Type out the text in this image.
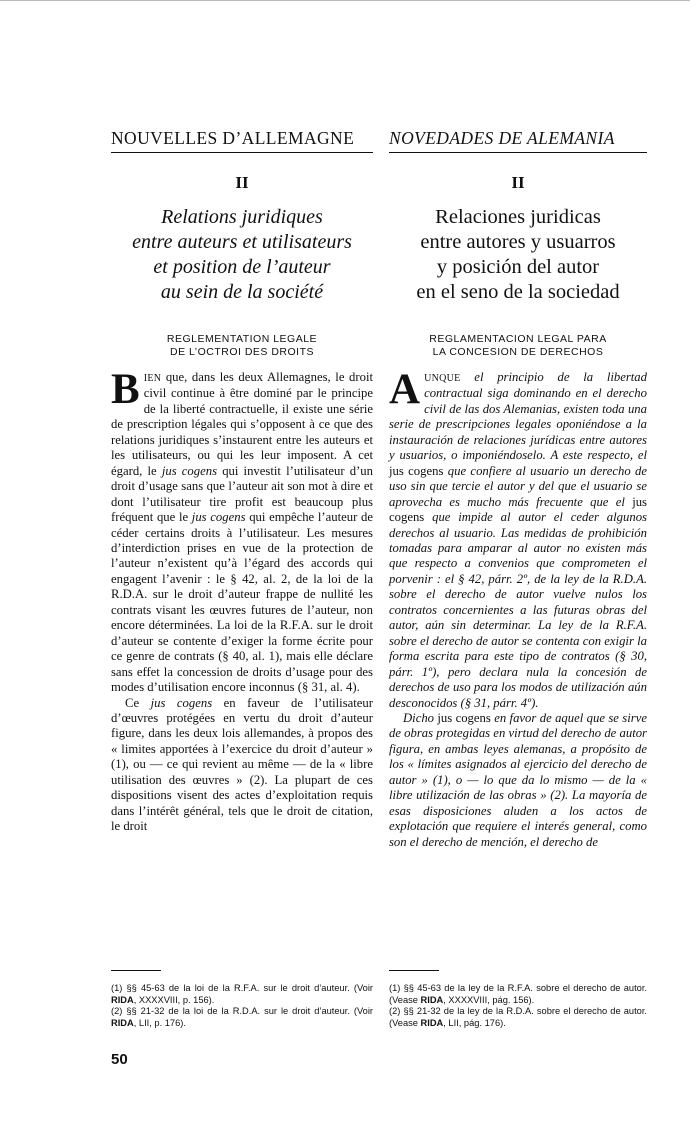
NOUVELLES D’ALLEMAGNE
II
Relations juridiques
entre auteurs et utilisateurs
et position de l’auteur
au sein de la société
REGLEMENTATION LEGALE
DE L’OCTROI DES DROITS

BIEN que, dans les deux Allemagnes, le droit civil continue à être dominé par le principe de la liberté contractuelle, il existe une série de prescription légales qui s’opposent à ce que des relations juridiques s’instaurent entre les auteurs et les utilisateurs, ou qui les leur imposent. A cet égard, le jus cogens qui investit l’utilisateur d’un droit d’usage sans que l’auteur ait son mot à dire et dont l’utilisateur tire profit est beaucoup plus fréquent que le jus cogens qui empêche l’auteur de céder certains droits à l’utilisateur. Les mesures d’interdiction prises en vue de la protection de l’auteur n’existent qu’à l’égard des accords qui engagent l’avenir : le § 42, al. 2, de la loi de la R.D.A. sur le droit d’auteur frappe de nullité les contrats visant les œuvres futures de l’auteur, non encore déterminées. La loi de la R.F.A. sur le droit d’auteur se contente d’exiger la forme écrite pour ce genre de contrats (§ 40, al. 1), mais elle déclare sans effet la concession de droits d’usage pour des modes d’utilisation encore inconnus (§ 31, al. 4).

Ce jus cogens en faveur de l’utilisateur d’œuvres protégées en vertu du droit d’auteur figure, dans les deux lois allemandes, à propos des « limites apportées à l’exercice du droit d’auteur » (1), ou — ce qui revient au même — de la « libre utilisation des œuvres » (2). La plupart de ces dispositions visent des actes d’exploitation requis dans l’intérêt général, tels que le droit de citation, le droit

(1) §§ 45-63 de la loi de la R.F.A. sur le droit d’auteur. (Voir RIDA, XXXXVIII, p. 156).

(2) §§ 21-32 de la loi de la R.D.A. sur le droit d’auteur. (Voir RIDA, LII, p. 176).

NOVEDADES DE ALEMANIA
II
Relaciones juridicas
entre autores y usuarros
y posición del autor
en el seno de la sociedad
REGLAMENTACION LEGAL PARA
LA CONCESION DE DERECHOS

AUNQUE el principio de la libertad contractual siga dominando en el derecho civil de las dos Alemanias, existen toda una serie de prescripciones legales oponiéndose a la instauración de relaciones jurídicas entre autores y usuarios, o imponiéndoselo. A este respecto, el jus cogens que confiere al usuario un derecho de uso sin que tercie el autor y del que el usuario se aprovecha es mucho más frecuente que el jus cogens que impide al autor el ceder algunos derechos al usuario. Las medidas de prohibición tomadas para amparar al autor no existen más que respecto a convenios que comprometen el porvenir : el § 42, párr. 2º, de la ley de la R.D.A. sobre el derecho de autor vuelve nulos los contratos concernientes a las futuras obras del autor, aún sin determinar. La ley de la R.F.A. sobre el derecho de autor se contenta con exigir la forma escrita para este tipo de contratos (§ 30, párr. 1º), pero declara nula la concesión de derechos de uso para los modos de utilización aún desconocidos (§ 31, párr. 4º).

Dicho jus cogens en favor de aquel que se sirve de obras protegidas en virtud del derecho de autor figura, en ambas leyes alemanas, a propósito de los « límites asignados al ejercicio del derecho de autor » (1), o — lo que da lo mismo — de la « libre utilización de las obras » (2). La mayoría de esas disposiciones aluden a los actos de explotación que requiere el interés general, como son el derecho de mención, el derecho de

(1) §§ 45-63 de la ley de la R.F.A. sobre el derecho de autor. (Vease RIDA, XXXXVIII, pág. 156).

(2) §§ 21-32 de la ley de la R.D.A. sobre el derecho de autor. (Vease RIDA, LII, pág. 176).

50
